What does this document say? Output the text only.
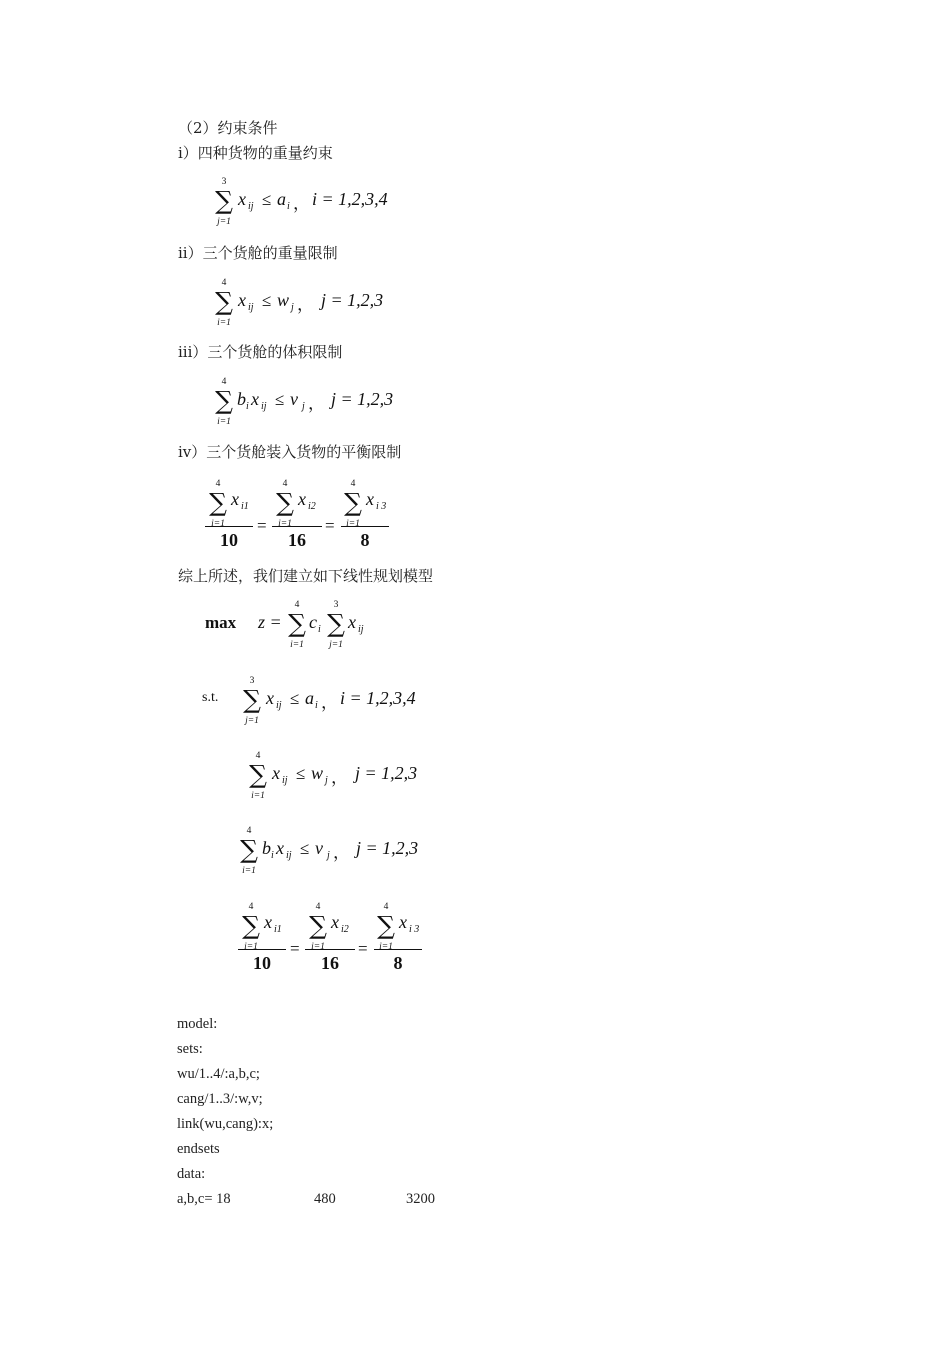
（2）约束条件
i）四种货物的重量约束
3
∑
j=1
x ij ≤ a i ， i = 1,2,3,4
ii）三个货舱的重量限制
4
∑
i=1
x ij ≤ w j ， j = 1,2,3
iii）三个货舱的体积限制
4
∑
i=1
b i x ij ≤ v j ， j = 1,2,3
iv）三个货舱装入货物的平衡限制
4
∑
i=1
x i1
10
=
4
∑
i=1
x i2
16
=
4
∑
i=1
x i 3
8
综上所述，我们建立如下线性规划模型
max z =
4
∑
i=1
c i
3
∑
j=1
x ij
s.t.
3
∑
j=1
x ij ≤ a i ， i = 1,2,3,4
4
∑
i=1
x ij ≤ w j ， j = 1,2,3
4
∑
i=1
b i x ij ≤ v j ， j = 1,2,3
4
∑
i=1
x i1
10
=
4
∑
i=1
x i2
16
=
4
∑
i=1
x i 3
8
model:
sets:
wu/1..4/:a,b,c;
cang/1..3/:w,v;
link(wu,cang):x;
endsets
data:
a,b,c= 18	480	3200
